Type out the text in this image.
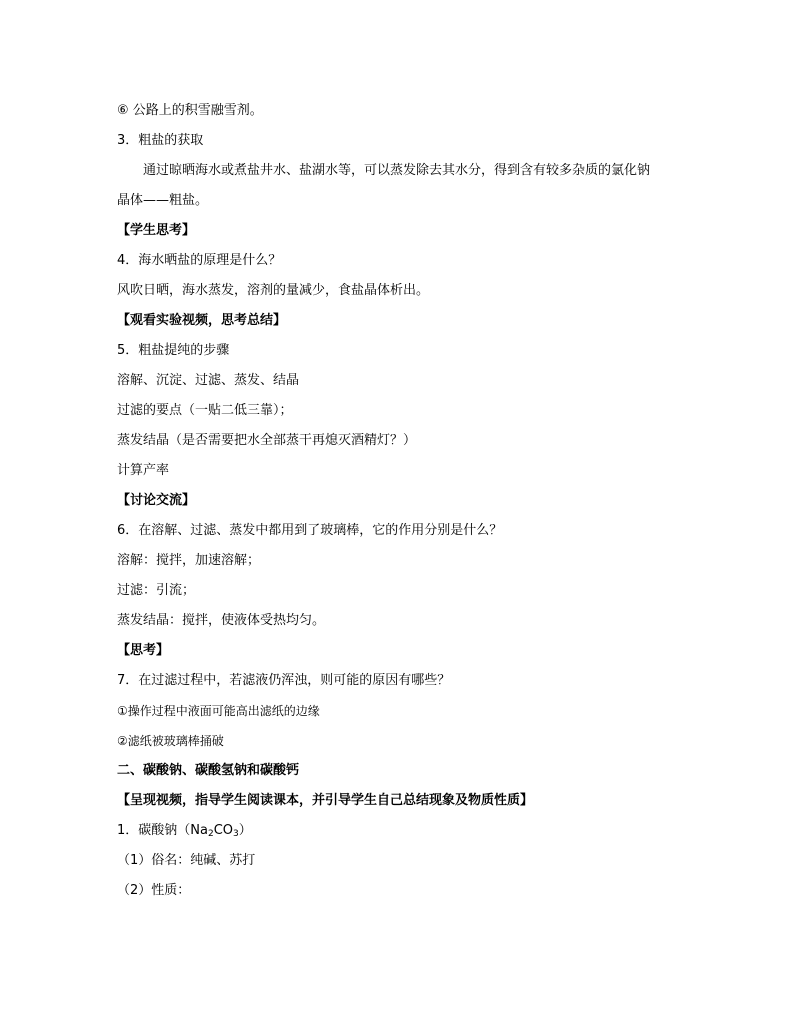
⑥ 公路上的积雪融雪剂。
3．粗盐的获取
通过晾晒海水或煮盐井水、盐湖水等，可以蒸发除去其水分，得到含有较多杂质的氯化钠
晶体——粗盐。
【学生思考】
4．海水晒盐的原理是什么？
风吹日晒，海水蒸发，溶剂的量减少，食盐晶体析出。
【观看实验视频，思考总结】
5．粗盐提纯的步骤
溶解、沉淀、过滤、蒸发、结晶
过滤的要点（一贴二低三靠）；
蒸发结晶（是否需要把水全部蒸干再熄灭酒精灯？）
计算产率
【讨论交流】
6．在溶解、过滤、蒸发中都用到了玻璃棒，它的作用分别是什么？
溶解：搅拌，加速溶解；
过滤：引流；
蒸发结晶：搅拌，使液体受热均匀。
【思考】
7．在过滤过程中，若滤液仍浑浊，则可能的原因有哪些？
①操作过程中液面可能高出滤纸的边缘
②滤纸被玻璃棒捅破
二、碳酸钠、碳酸氢钠和碳酸钙
【呈现视频，指导学生阅读课本，并引导学生自己总结现象及物质性质】
1．碳酸钠$(Na_2CO_3)$
（1）俗名：纯碱、苏打
（2）性质：
